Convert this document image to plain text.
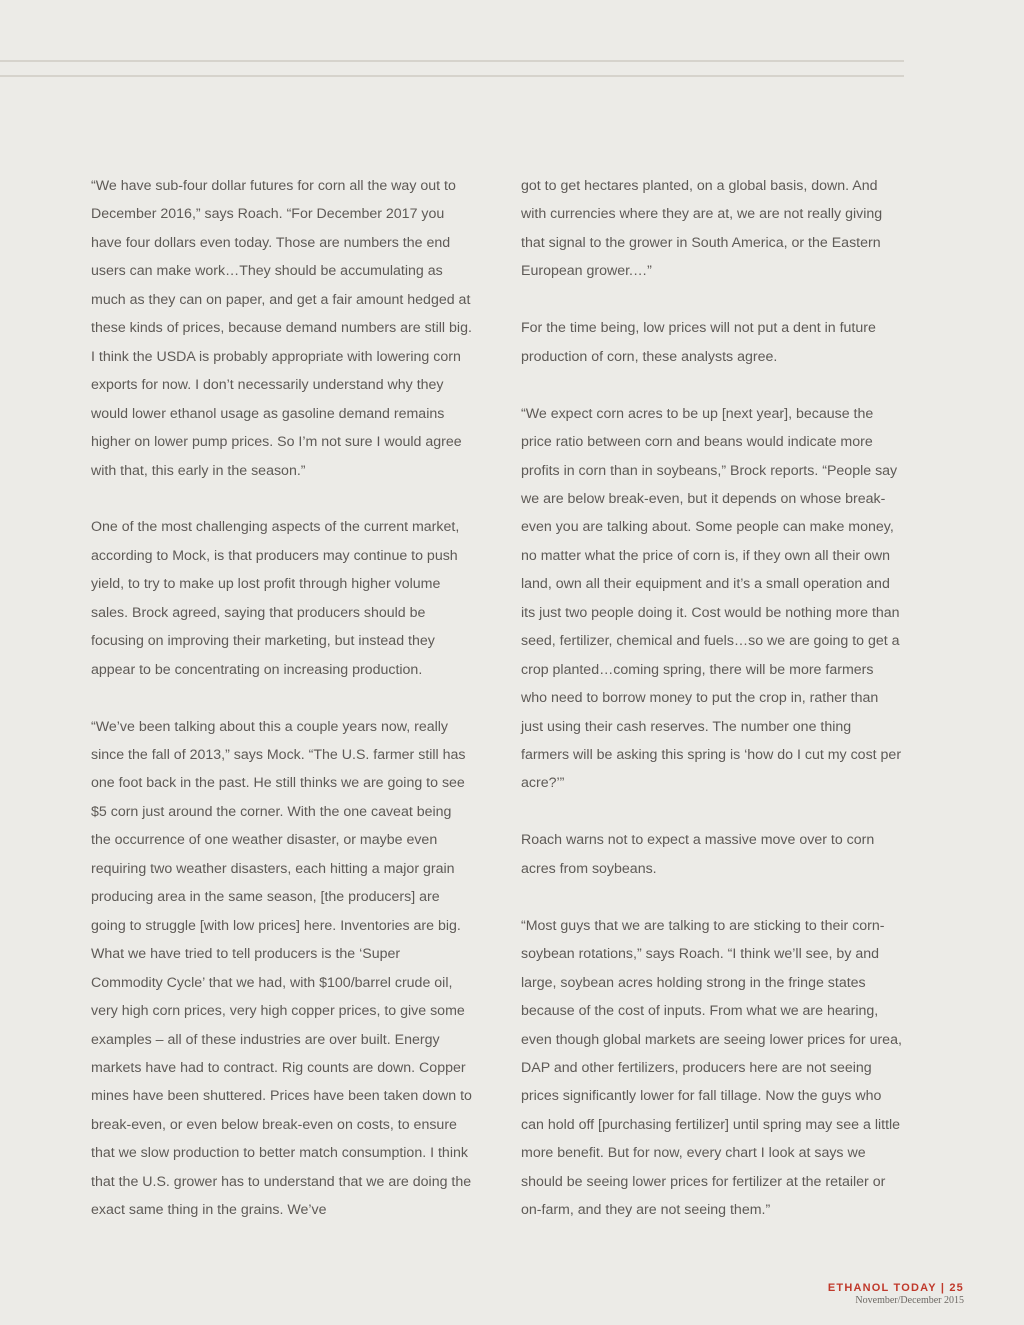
“We have sub-four dollar futures for corn all the way out to December 2016,” says Roach. “For December 2017 you have four dollars even today. Those are numbers the end users can make work…They should be accumulating as much as they can on paper, and get a fair amount hedged at these kinds of prices, because demand numbers are still big. I think the USDA is probably appropriate with lowering corn exports for now. I don’t necessarily understand why they would lower ethanol usage as gasoline demand remains higher on lower pump prices. So I’m not sure I would agree with that, this early in the season.”

One of the most challenging aspects of the current market, according to Mock, is that producers may continue to push yield, to try to make up lost profit through higher volume sales. Brock agreed, saying that producers should be focusing on improving their marketing, but instead they appear to be concentrating on increasing production.

“We’ve been talking about this a couple years now, really since the fall of 2013,” says Mock. “The U.S. farmer still has one foot back in the past. He still thinks we are going to see $5 corn just around the corner. With the one caveat being the occurrence of one weather disaster, or maybe even requiring two weather disasters, each hitting a major grain producing area in the same season, [the producers] are going to struggle [with low prices] here. Inventories are big. What we have tried to tell producers is the ‘Super Commodity Cycle’ that we had, with $100/barrel crude oil, very high corn prices, very high copper prices, to give some examples – all of these industries are over built. Energy markets have had to contract. Rig counts are down. Copper mines have been shuttered. Prices have been taken down to break-even, or even below break-even on costs, to ensure that we slow production to better match consumption. I think that the U.S. grower has to understand that we are doing the exact same thing in the grains. We’ve

got to get hectares planted, on a global basis, down. And with currencies where they are at, we are not really giving that signal to the grower in South America, or the Eastern European grower.…”

For the time being, low prices will not put a dent in future production of corn, these analysts agree.

“We expect corn acres to be up [next year], because the price ratio between corn and beans would indicate more profits in corn than in soybeans,” Brock reports. “People say we are below break-even, but it depends on whose break-even you are talking about. Some people can make money, no matter what the price of corn is, if they own all their own land, own all their equipment and it’s a small operation and its just two people doing it. Cost would be nothing more than seed, fertilizer, chemical and fuels…so we are going to get a crop planted…coming spring, there will be more farmers who need to borrow money to put the crop in, rather than just using their cash reserves. The number one thing farmers will be asking this spring is ‘how do I cut my cost per acre?’”

Roach warns not to expect a massive move over to corn acres from soybeans.

“Most guys that we are talking to are sticking to their corn-soybean rotations,” says Roach. “I think we’ll see, by and large, soybean acres holding strong in the fringe states because of the cost of inputs. From what we are hearing, even though global markets are seeing lower prices for urea, DAP and other fertilizers, producers here are not seeing prices significantly lower for fall tillage. Now the guys who can hold off [purchasing fertilizer] until spring may see a little more benefit. But for now, every chart I look at says we should be seeing lower prices for fertilizer at the retailer or on-farm, and they are not seeing them.”

ETHANOL TODAY | 25
November/December 2015
